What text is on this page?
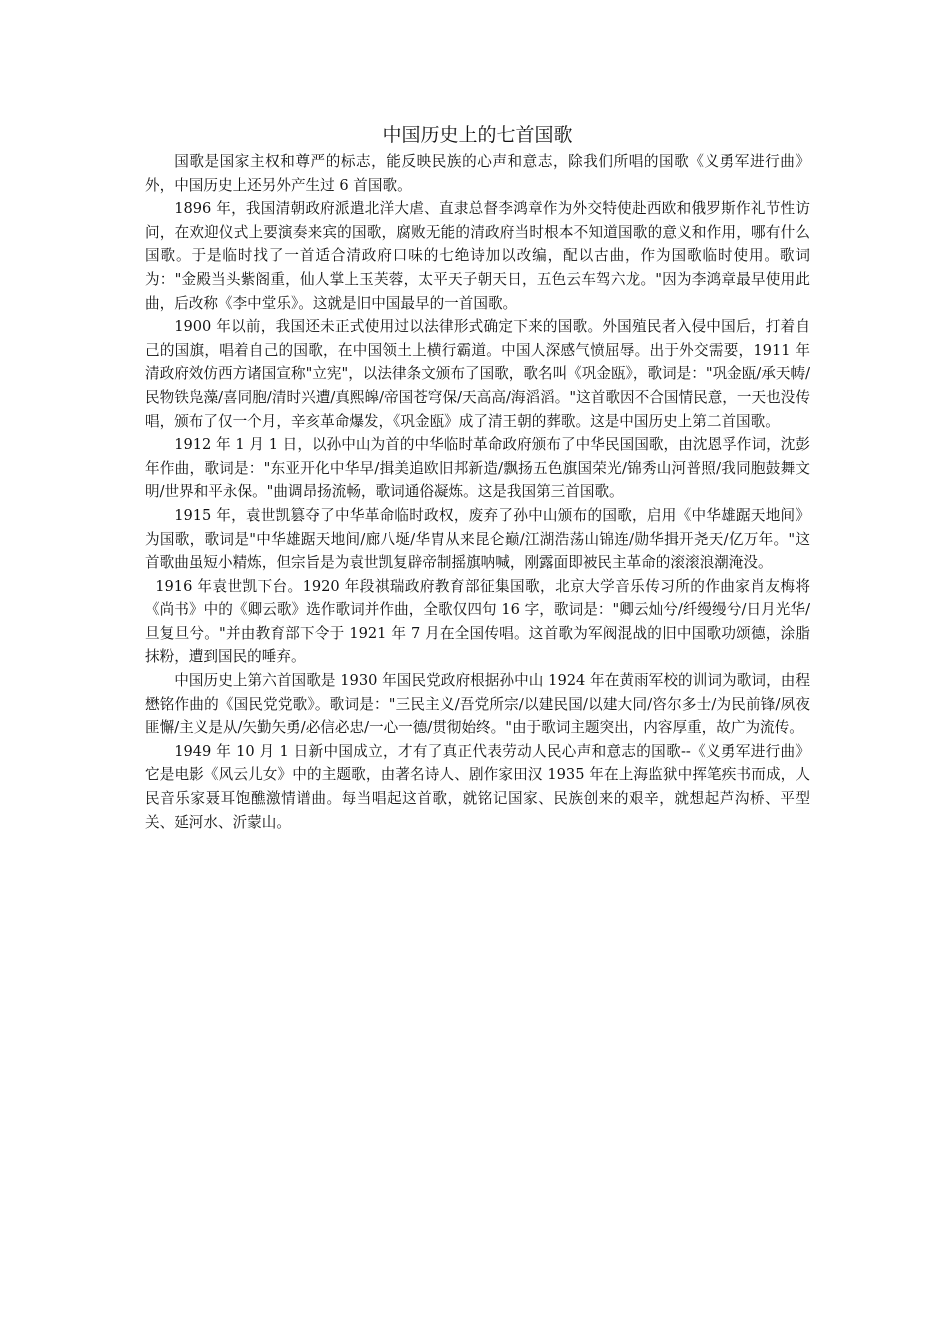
中国历史上的七首国歌

国歌是国家主权和尊严的标志，能反映民族的心声和意志，除我们所唱的国歌《义勇军进行曲》外，中国历史上还另外产生过 6 首国歌。

1896 年，我国清朝政府派遣北洋大虐、直隶总督李鸿章作为外交特使赴西欧和俄罗斯作礼节性访问，在欢迎仪式上要演奏来宾的国歌，腐败无能的清政府当时根本不知道国歌的意义和作用，哪有什么国歌。于是临时找了一首适合清政府口味的七绝诗加以改编，配以古曲，作为国歌临时使用。歌词为："金殿当头紫阁重，仙人掌上玉芙蓉，太平天子朝天日，五色云车驾六龙。"因为李鸿章最早使用此曲，后改称《李中堂乐》。这就是旧中国最早的一首国歌。

1900 年以前，我国还未正式使用过以法律形式确定下来的国歌。外国殖民者入侵中国后，打着自己的国旗，唱着自己的国歌，在中国领土上横行霸道。中国人深感气愤屈辱。出于外交需要，1911 年清政府效仿西方诸国宣称"立宪"，以法律条文颁布了国歌，歌名叫《巩金瓯》，歌词是："巩金瓯/承天帱/民物铁凫藻/喜同胞/清时兴遭/真熙皞/帝国苍穹保/天高高/海滔滔。"这首歌因不合国情民意，一天也没传唱，颁布了仅一个月，辛亥革命爆发，《巩金瓯》成了清王朝的葬歌。这是中国历史上第二首国歌。

1912 年 1 月 1 日，以孙中山为首的中华临时革命政府颁布了中华民国国歌，由沈恩孚作词，沈彭年作曲，歌词是："东亚开化中华早/揖美追欧旧邦新造/飘扬五色旗国荣光/锦秀山河普照/我同胞鼓舞文明/世界和平永保。"曲调昂扬流畅，歌词通俗凝炼。这是我国第三首国歌。

1915 年，袁世凯篡夺了中华革命临时政权，废弃了孙中山颁布的国歌，启用《中华雄踞天地间》为国歌，歌词是"中华雄踞天地间/廊八埏/华胄从来昆仑巅/江湖浩荡山锦连/勋华揖开尧天/亿万年。"这首歌曲虽短小精炼，但宗旨是为袁世凯复辟帝制摇旗呐喊，刚露面即被民主革命的滚滚浪潮淹没。

1916 年袁世凯下台。1920 年段祺瑞政府教育部征集国歌，北京大学音乐传习所的作曲家肖友梅将《尚书》中的《卿云歌》选作歌词并作曲，全歌仅四句 16 字，歌词是："卿云灿兮/纤缦缦兮/日月光华/旦复旦兮。"并由教育部下令于 1921 年 7 月在全国传唱。这首歌为军阀混战的旧中国歌功颂德，涂脂抹粉，遭到国民的唾弃。

中国历史上第六首国歌是 1930 年国民党政府根据孙中山 1924 年在黄雨军校的训词为歌词，由程懋铭作曲的《国民党党歌》。歌词是："三民主义/吾党所宗/以建民国/以建大同/咨尔多士/为民前锋/夙夜匪懈/主义是从/矢勤矢勇/必信必忠/一心一德/贯彻始终。"由于歌词主题突出，内容厚重，故广为流传。

1949 年 10 月 1 日新中国成立，才有了真正代表劳动人民心声和意志的国歌--《义勇军进行曲》它是电影《风云儿女》中的主题歌，由著名诗人、剧作家田汉 1935 年在上海监狱中挥笔疾书而成，人民音乐家聂耳饱醮激情谱曲。每当唱起这首歌，就铭记国家、民族创来的艰辛，就想起芦沟桥、平型关、延河水、沂蒙山。
